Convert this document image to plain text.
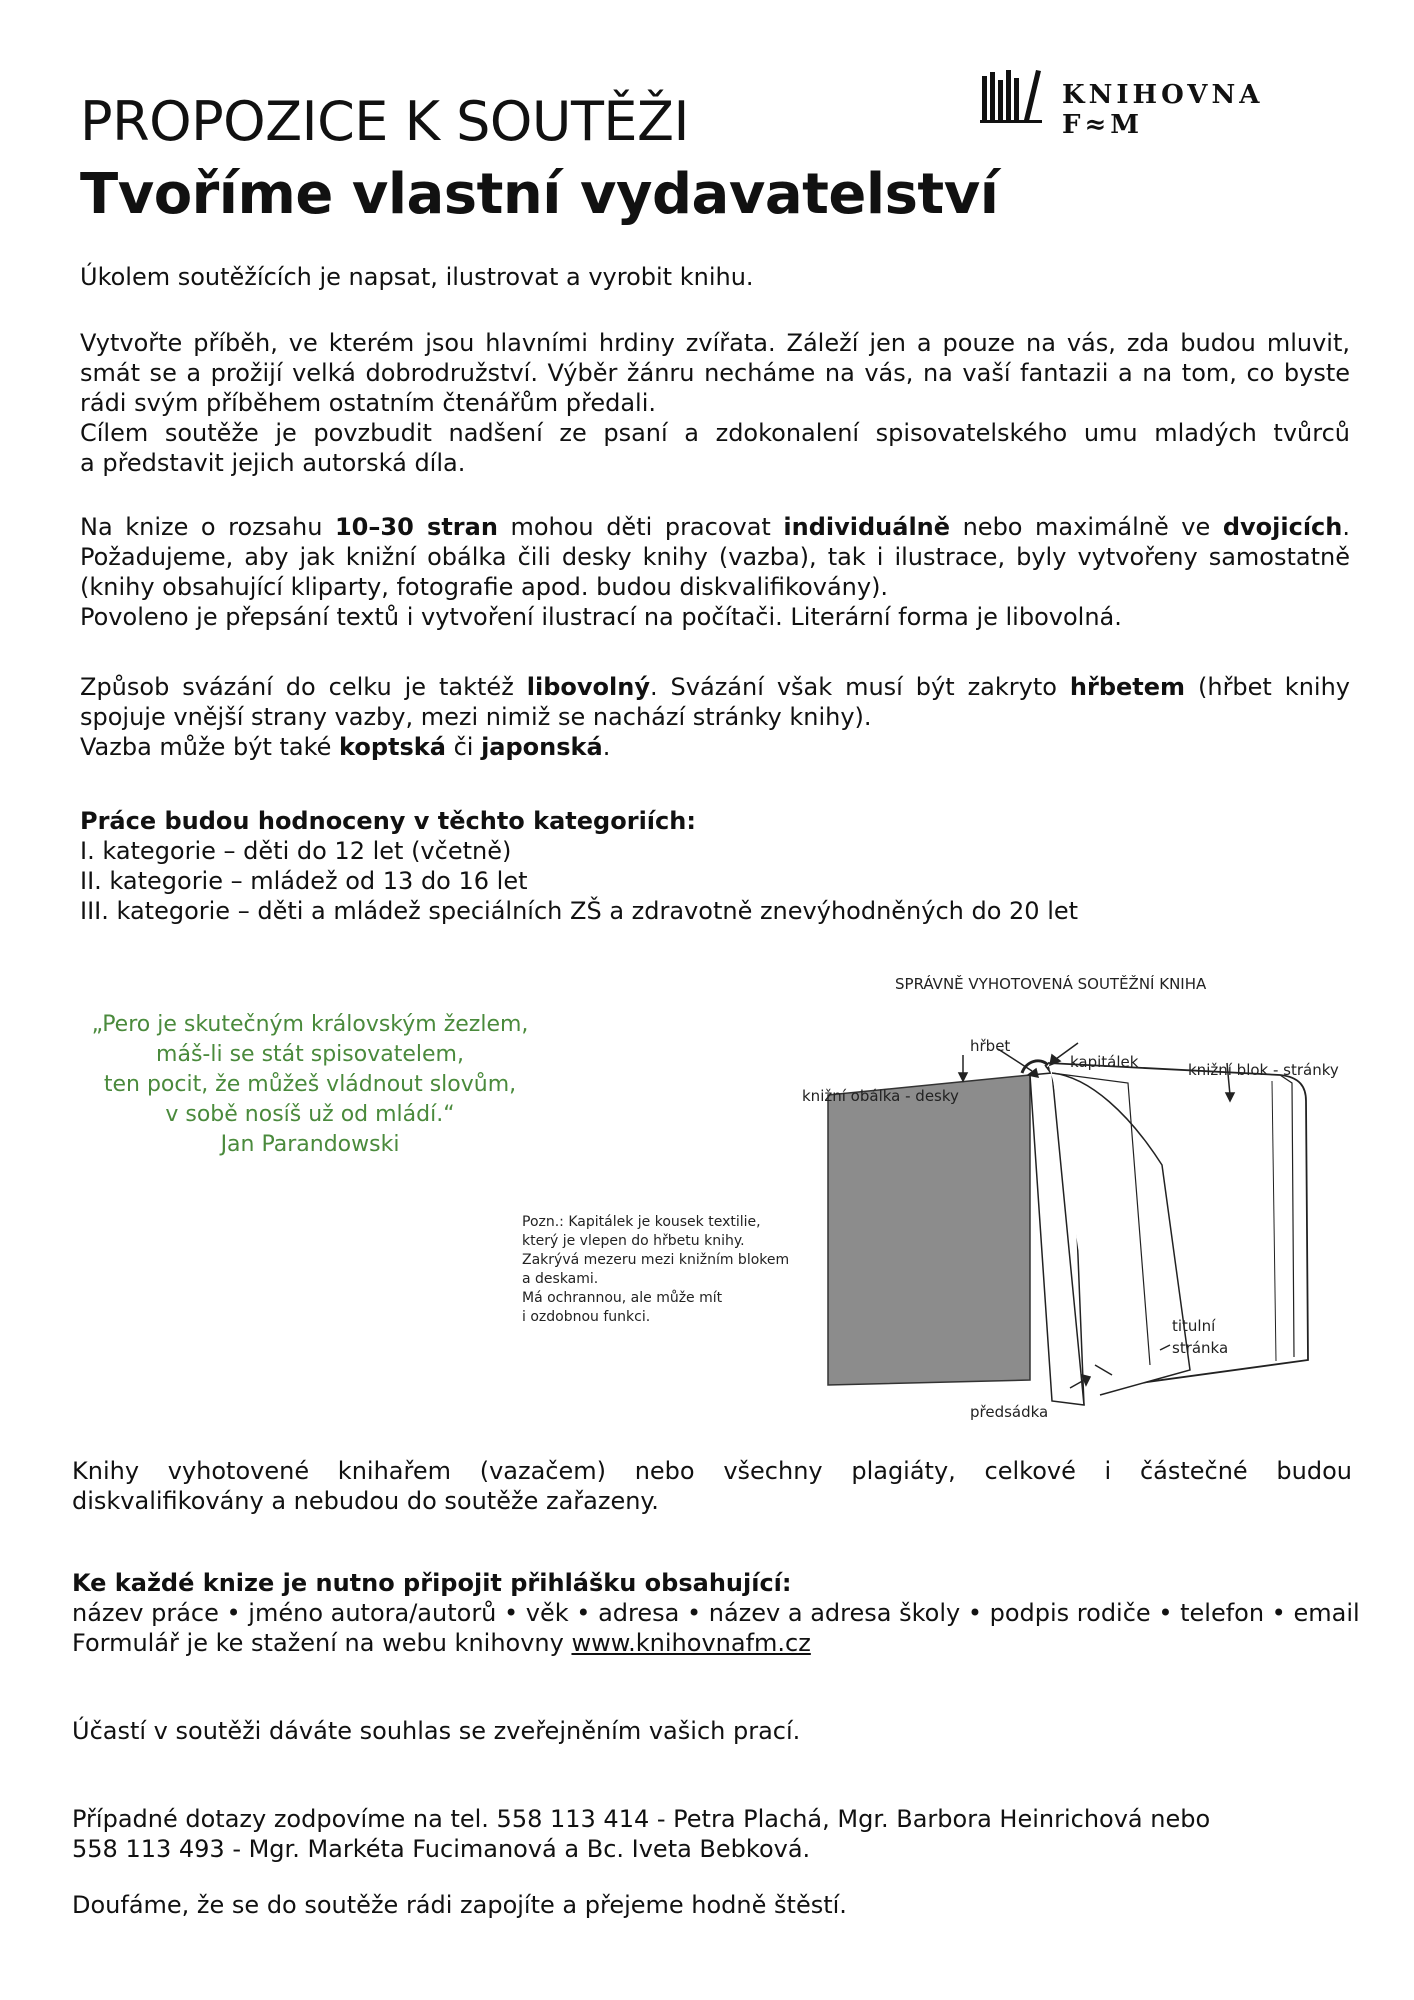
KNIHOVNA F≈M
PROPOZICE K SOUTĚŽI
Tvoříme vlastní vydavatelství

Úkolem soutěžících je napsat, ilustrovat a vyrobit knihu.

Vytvořte příběh, ve kterém jsou hlavními hrdiny zvířata. Záleží jen a pouze na vás, zda budou mluvit,
smát se a prožijí velká dobrodružství. Výběr žánru necháme na vás, na vaší fantazii a na tom, co byste
rádi svým příběhem ostatním čtenářům předali.
Cílem soutěže je povzbudit nadšení ze psaní a zdokonalení spisovatelského umu mladých tvůrců
a představit jejich autorská díla.
Na knize o rozsahu 10–30 stran mohou děti pracovat individuálně nebo maximálně ve dvojicích.
Požadujeme, aby jak knižní obálka čili desky knihy (vazba), tak i ilustrace, byly vytvořeny samostatně
(knihy obsahující kliparty, fotografie apod. budou diskvalifikovány).
Povoleno je přepsání textů i vytvoření ilustrací na počítači. Literární forma je libovolná.
Způsob svázání do celku je taktéž libovolný. Svázání však musí být zakryto hřbetem (hřbet knihy
spojuje vnější strany vazby, mezi nimiž se nachází stránky knihy).
Vazba může být také koptská či japonská.
Práce budou hodnoceny v těchto kategoriích:
I. kategorie – děti do 12 let (včetně)
II. kategorie – mládež od 13 do 16 let
III. kategorie – děti a mládež speciálních ZŠ a zdravotně znevýhodněných do 20 let
„Pero je skutečným královským žezlem,
máš-li se stát spisovatelem,
ten pocit, že můžeš vládnout slovům,
v sobě nosíš už od mládí.“
Jan Parandowski
SPRÁVNĚ VYHOTOVENÁ SOUTĚŽNÍ KNIHA
hřbet
kapitálek	knižní blok - stránky
knižní obálka - desky
titulní
stránka
předsádka
Pozn.: Kapitálek je kousek textilie,
který je vlepen do hřbetu knihy.
Zakrývá mezeru mezi knižním blokem
a deskami.
Má ochrannou, ale může mít
i ozdobnou funkci.
Knihy vyhotovené knihařem (vazačem) nebo všechny plagiáty, celkové i částečné budou
diskvalifikovány a nebudou do soutěže zařazeny.
Ke každé knize je nutno připojit přihlášku obsahující:
název práce • jméno autora/autorů • věk • adresa • název a adresa školy • podpis rodiče • telefon • email
Formulář je ke stažení na webu knihovny www.knihovnafm.cz

Účastí v soutěži dáváte souhlas se zveřejněním vašich prací.

Případné dotazy zodpovíme na tel. 558 113 414 - Petra Plachá, Mgr. Barbora Heinrichová nebo
558 113 493 - Mgr. Markéta Fucimanová a Bc. Iveta Bebková.

Doufáme, že se do soutěže rádi zapojíte a přejeme hodně štěstí.
